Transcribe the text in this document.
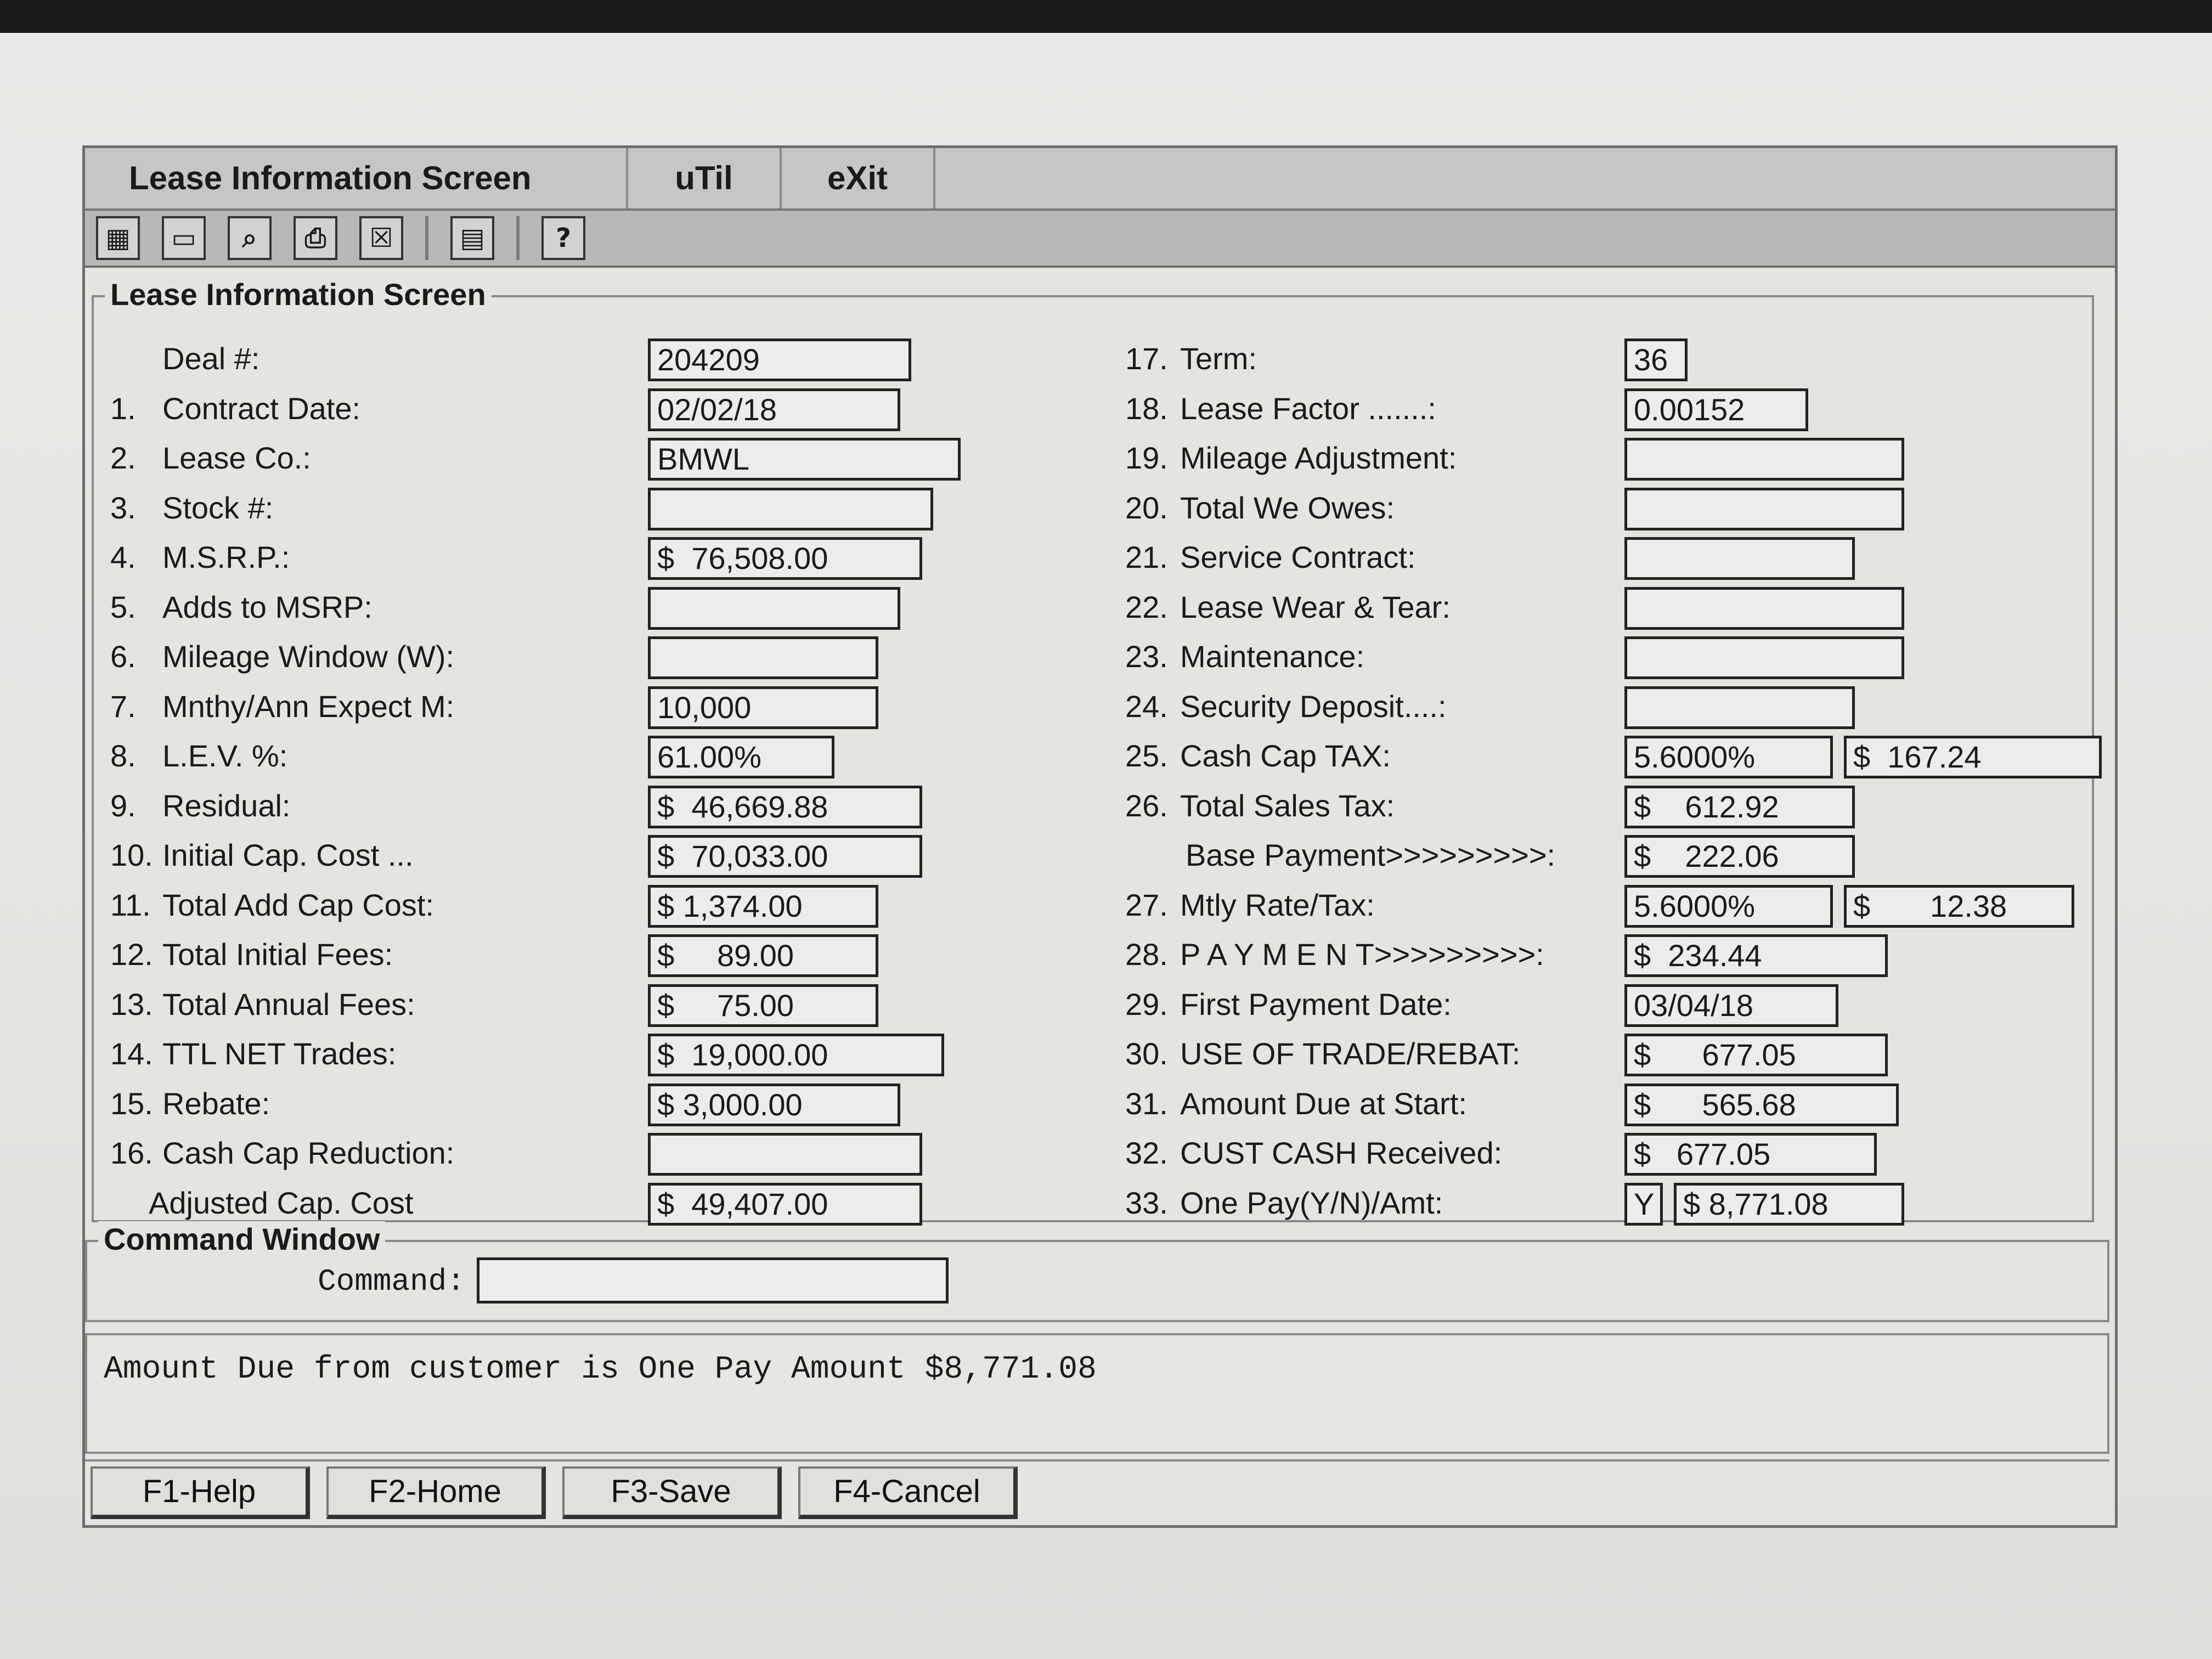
Lease Information Screen	uTil	eXit
▦	▭	⌕	⎙	☒	▤	?
Lease Information Screen
Deal #:	204209
1. Contract Date:	02/02/18
2. Lease Co.:	BMWL
3. Stock #:
4. M.S.R.P.:	$  76,508.00
5. Adds to MSRP:
6. Mileage Window (W):
7. Mnthy/Ann Expect M:	10,000
8. L.E.V. %:	61.00%
9. Residual:	$  46,669.88
10. Initial Cap. Cost ...	$  70,033.00
11. Total Add Cap Cost:	$ 1,374.00
12. Total Initial Fees:	$     89.00
13. Total Annual Fees:	$     75.00
14. TTL NET Trades:	$  19,000.00
15. Rebate:	$ 3,000.00
16. Cash Cap Reduction:
Adjusted Cap. Cost	$  49,407.00
17. Term:	36
18. Lease Factor .......:	0.00152
19. Mileage Adjustment:
20. Total We Owes:
21. Service Contract:
22. Lease Wear & Tear:
23. Maintenance:
24. Security Deposit....:
25. Cash Cap TAX:	5.6000%	$  167.24
26. Total Sales Tax:	$    612.92
Base Payment>>>>>>>>>:	$    222.06
27. Mtly Rate/Tax:	5.6000%	$       12.38
28. P A Y M E N T>>>>>>>>>:	$  234.44
29. First Payment Date:	03/04/18
30. USE OF TRADE/REBAT:	$      677.05
31. Amount Due at Start:	$      565.68
32. CUST CASH Received:	$   677.05
33. One Pay(Y/N)/Amt:	Y $ 8,771.08
Command Window
Command:
Amount Due from customer is One Pay Amount $8,771.08
F1-Help	F2-Home	F3-Save	F4-Cancel
